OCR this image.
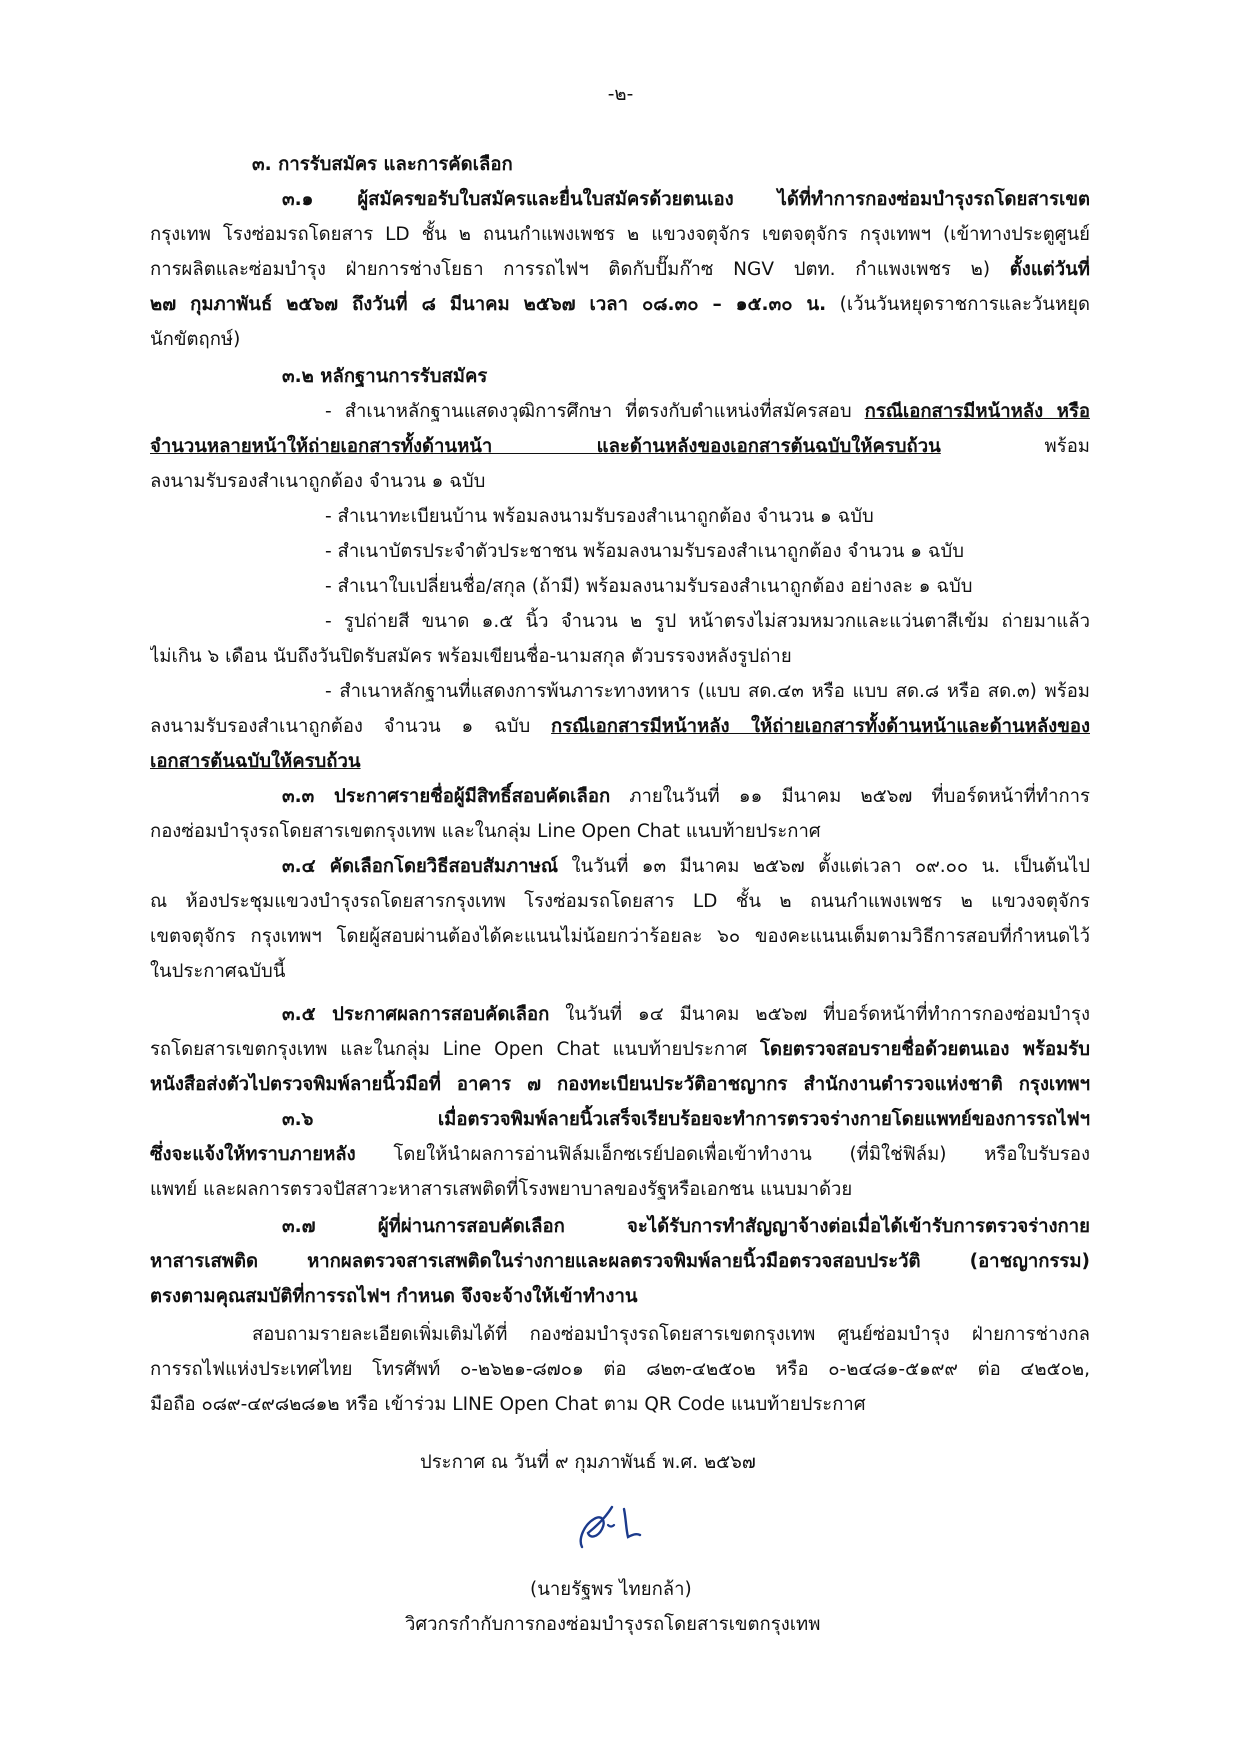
-๒-
๓. การรับสมัคร และการคัดเลือก
๓.๑ ผู้สมัครขอรับใบสมัครและยื่นใบสมัครด้วยตนเอง ได้ที่ทำการกองซ่อมบำรุงรถโดยสารเขต
กรุงเทพ โรงซ่อมรถโดยสาร LD ชั้น ๒ ถนนกำแพงเพชร ๒ แขวงจตุจักร เขตจตุจักร กรุงเทพฯ (เข้าทางประตูศูนย์
การผลิตและซ่อมบำรุง ฝ่ายการช่างโยธา การรถไฟฯ ติดกับปั๊มก๊าซ NGV ปตท. กำแพงเพชร ๒) ตั้งแต่วันที่
๒๗ กุมภาพันธ์ ๒๕๖๗ ถึงวันที่ ๘ มีนาคม ๒๕๖๗ เวลา ๐๘.๓๐ – ๑๕.๓๐ น. (เว้นวันหยุดราชการและวันหยุด
นักขัตฤกษ์)
๓.๒ หลักฐานการรับสมัคร
- สำเนาหลักฐานแสดงวุฒิการศึกษา ที่ตรงกับตำแหน่งที่สมัครสอบ กรณีเอกสารมีหน้าหลัง หรือ
จำนวนหลายหน้าให้ถ่ายเอกสารทั้งด้านหน้า และด้านหลังของเอกสารต้นฉบับให้ครบถ้วน พร้อม
ลงนามรับรองสำเนาถูกต้อง จำนวน ๑ ฉบับ
- สำเนาทะเบียนบ้าน พร้อมลงนามรับรองสำเนาถูกต้อง จำนวน ๑ ฉบับ
- สำเนาบัตรประจำตัวประชาชน พร้อมลงนามรับรองสำเนาถูกต้อง จำนวน ๑ ฉบับ
- สำเนาใบเปลี่ยนชื่อ/สกุล (ถ้ามี) พร้อมลงนามรับรองสำเนาถูกต้อง อย่างละ ๑ ฉบับ
- รูปถ่ายสี ขนาด ๑.๕ นิ้ว จำนวน ๒ รูป หน้าตรงไม่สวมหมวกและแว่นตาสีเข้ม ถ่ายมาแล้ว
ไม่เกิน ๖ เดือน นับถึงวันปิดรับสมัคร พร้อมเขียนชื่อ-นามสกุล ตัวบรรจงหลังรูปถ่าย
- สำเนาหลักฐานที่แสดงการพ้นภาระทางทหาร (แบบ สด.๔๓ หรือ แบบ สด.๘ หรือ สด.๓) พร้อม
ลงนามรับรองสำเนาถูกต้อง จำนวน ๑ ฉบับ กรณีเอกสารมีหน้าหลัง ให้ถ่ายเอกสารทั้งด้านหน้าและด้านหลังของ
เอกสารต้นฉบับให้ครบถ้วน
๓.๓ ประกาศรายชื่อผู้มีสิทธิ์สอบคัดเลือก ภายในวันที่ ๑๑ มีนาคม ๒๕๖๗ ที่บอร์ดหน้าที่ทำการ
กองซ่อมบำรุงรถโดยสารเขตกรุงเทพ และในกลุ่ม Line Open Chat แนบท้ายประกาศ
๓.๔ คัดเลือกโดยวิธีสอบสัมภาษณ์ ในวันที่ ๑๓ มีนาคม ๒๕๖๗ ตั้งแต่เวลา ๐๙.๐๐ น. เป็นต้นไป
ณ ห้องประชุมแขวงบำรุงรถโดยสารกรุงเทพ โรงซ่อมรถโดยสาร LD ชั้น ๒ ถนนกำแพงเพชร ๒ แขวงจตุจักร
เขตจตุจักร กรุงเทพฯ โดยผู้สอบผ่านต้องได้คะแนนไม่น้อยกว่าร้อยละ ๖๐ ของคะแนนเต็มตามวิธีการสอบที่กำหนดไว้
ในประกาศฉบับนี้
๓.๕ ประกาศผลการสอบคัดเลือก ในวันที่ ๑๔ มีนาคม ๒๕๖๗ ที่บอร์ดหน้าที่ทำการกองซ่อมบำรุง
รถโดยสารเขตกรุงเทพ และในกลุ่ม Line Open Chat แนบท้ายประกาศ โดยตรวจสอบรายชื่อด้วยตนเอง พร้อมรับ
หนังสือส่งตัวไปตรวจพิมพ์ลายนิ้วมือที่ อาคาร ๗ กองทะเบียนประวัติอาชญากร สำนักงานตำรวจแห่งชาติ กรุงเทพฯ
๓.๖ เมื่อตรวจพิมพ์ลายนิ้วเสร็จเรียบร้อยจะทำการตรวจร่างกายโดยแพทย์ของการรถไฟฯ
ซึ่งจะแจ้งให้ทราบภายหลัง โดยให้นำผลการอ่านฟิล์มเอ็กซเรย์ปอดเพื่อเข้าทำงาน (ที่มิใช่ฟิล์ม) หรือใบรับรอง
แพทย์ และผลการตรวจปัสสาวะหาสารเสพติดที่โรงพยาบาลของรัฐหรือเอกชน แนบมาด้วย
๓.๗ ผู้ที่ผ่านการสอบคัดเลือก จะได้รับการทำสัญญาจ้างต่อเมื่อได้เข้ารับการตรวจร่างกาย
หาสารเสพติด หากผลตรวจสารเสพติดในร่างกายและผลตรวจพิมพ์ลายนิ้วมือตรวจสอบประวัติ (อาชญากรรม)
ตรงตามคุณสมบัติที่การรถไฟฯ กำหนด จึงจะจ้างให้เข้าทำงาน
สอบถามรายละเอียดเพิ่มเติมได้ที่ กองซ่อมบำรุงรถโดยสารเขตกรุงเทพ ศูนย์ซ่อมบำรุง ฝ่ายการช่างกล
การรถไฟแห่งประเทศไทย โทรศัพท์ ๐-๒๖๒๑-๘๗๐๑ ต่อ ๘๒๓-๔๒๕๐๒ หรือ ๐-๒๔๘๑-๕๑๙๙ ต่อ ๔๒๕๐๒,
มือถือ ๐๘๙-๔๙๘๒๘๑๒ หรือ เข้าร่วม LINE Open Chat ตาม QR Code แนบท้ายประกาศ
ประกาศ ณ วันที่ ๙ กุมภาพันธ์ พ.ศ. ๒๕๖๗
(นายรัฐพร ไทยกล้า)
วิศวกรกำกับการกองซ่อมบำรุงรถโดยสารเขตกรุงเทพ
